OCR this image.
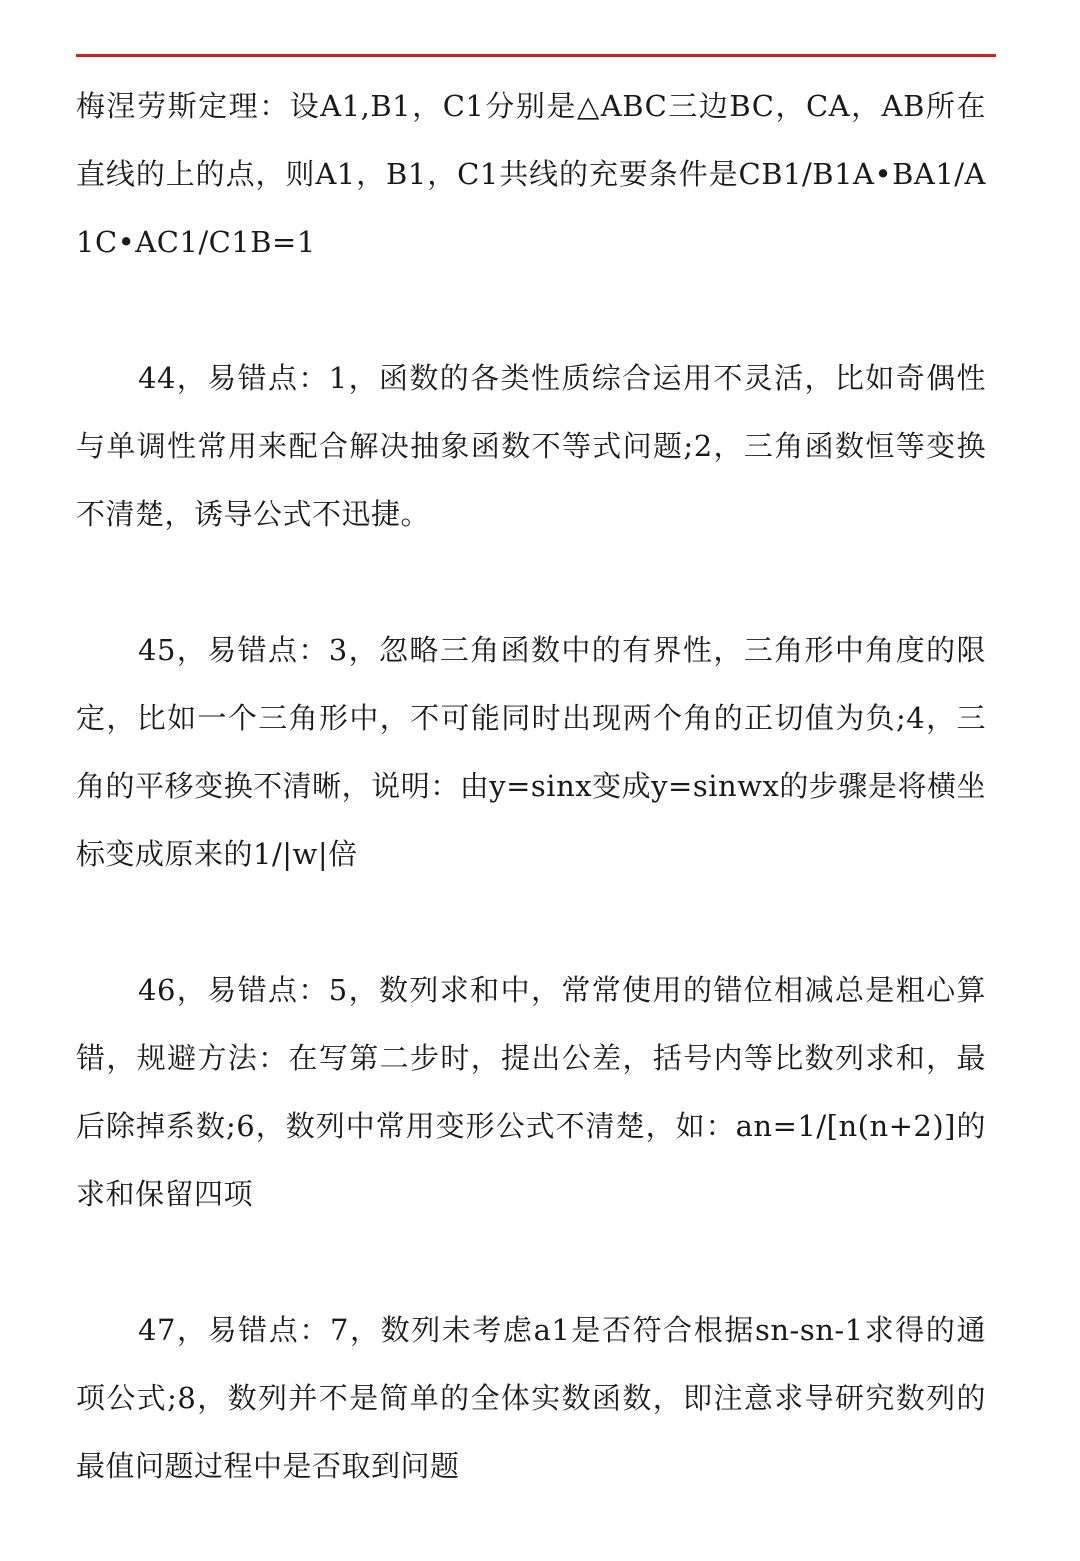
梅涅劳斯定理：设A1,B1，C1分别是△ABC三边BC，CA，AB所在直线的上的点，则A1，B1，C1共线的充要条件是CB1/B1A•BA1/A1C•AC1/C1B=1

44，易错点：1，函数的各类性质综合运用不灵活，比如奇偶性与单调性常用来配合解决抽象函数不等式问题;2，三角函数恒等变换不清楚，诱导公式不迅捷。

45，易错点：3，忽略三角函数中的有界性，三角形中角度的限定，比如一个三角形中，不可能同时出现两个角的正切值为负;4，三角的平移变换不清晰，说明：由y=sinx变成y=sinwx的步骤是将横坐标变成原来的1/|w|倍

46，易错点：5，数列求和中，常常使用的错位相减总是粗心算错，规避方法：在写第二步时，提出公差，括号内等比数列求和，最后除掉系数;6，数列中常用变形公式不清楚，如：an=1/[n(n+2)]的求和保留四项

47，易错点：7，数列未考虑a1是否符合根据sn-sn-1求得的通项公式;8，数列并不是简单的全体实数函数，即注意求导研究数列的最值问题过程中是否取到问题
